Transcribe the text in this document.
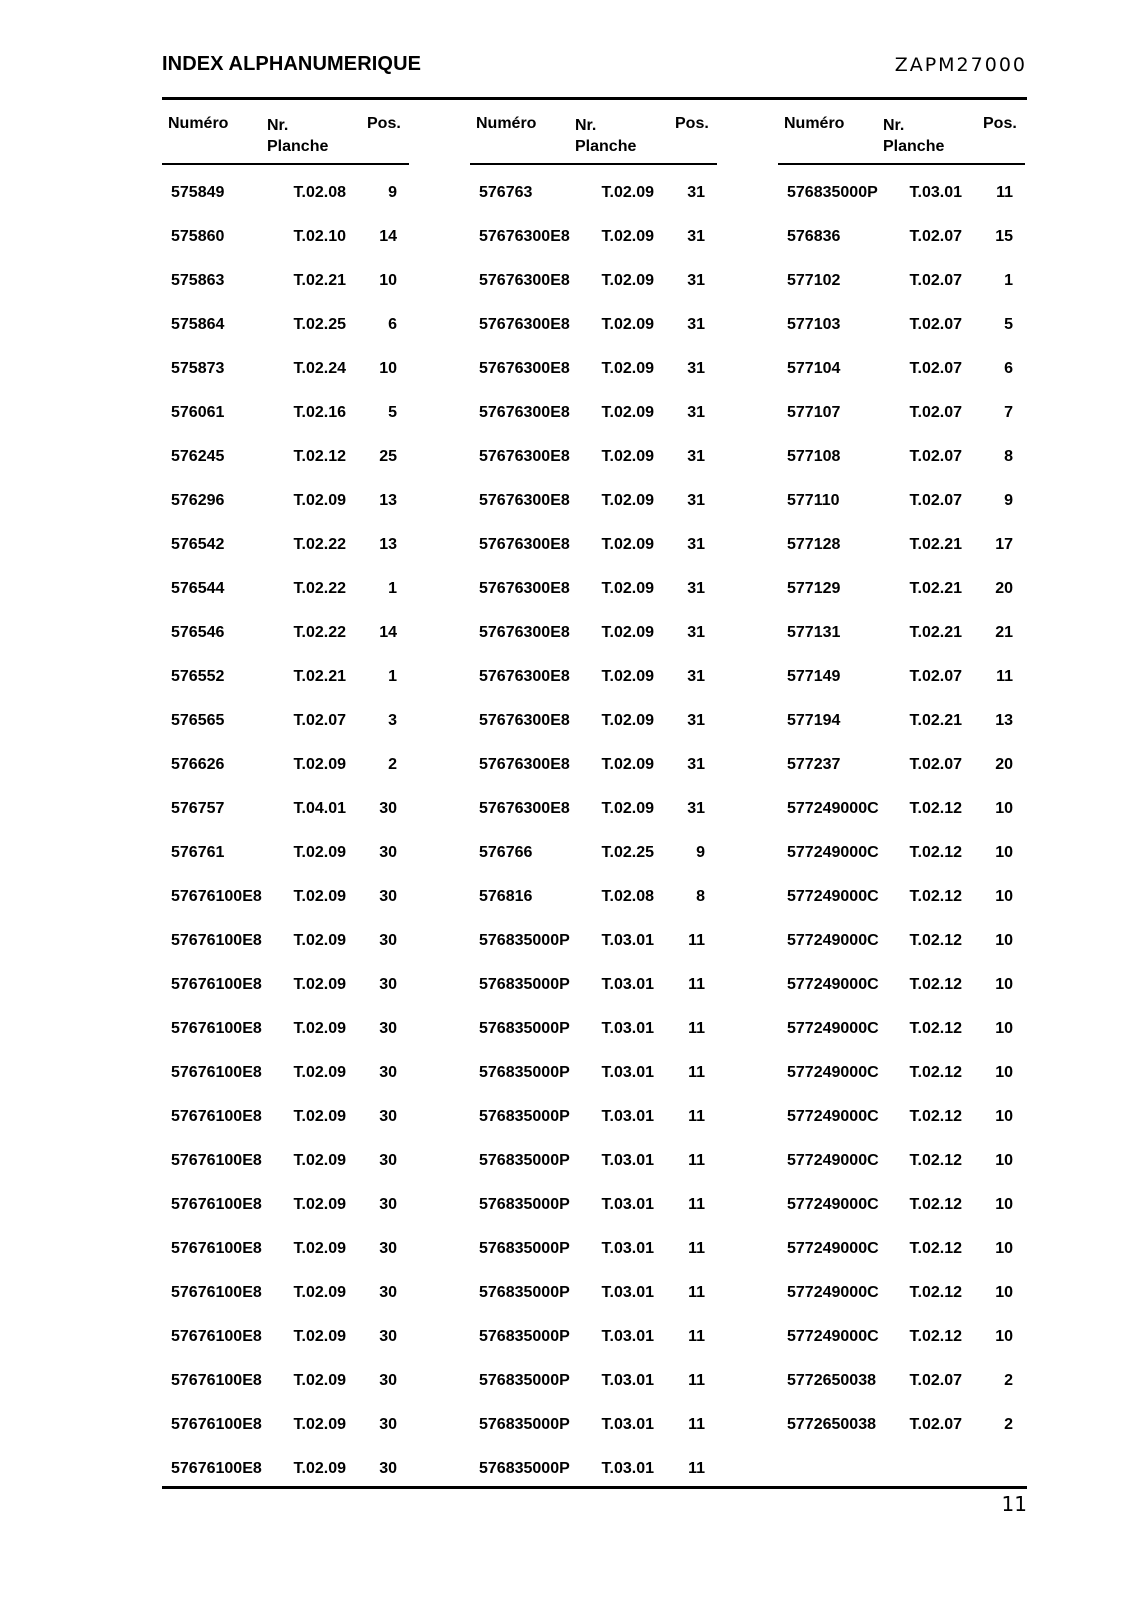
INDEX ALPHANUMERIQUE	ZAPM27000
Numéro Nr.
Planche
Pos.
575849	T.02.08	9
575860	T.02.10 14
575863	T.02.21 10
575864	T.02.25	6
575873	T.02.24 10
576061	T.02.16	5
576245	T.02.12 25
576296	T.02.09 13
576542	T.02.22 13
576544	T.02.22	1
576546	T.02.22 14
576552	T.02.21	1
576565	T.02.07	3
576626	T.02.09	2
576757	T.04.01 30
576761	T.02.09 30
57676100E8 T.02.09 30
57676100E8 T.02.09 30
57676100E8 T.02.09 30
57676100E8 T.02.09 30
57676100E8 T.02.09 30
57676100E8 T.02.09 30
57676100E8 T.02.09 30
57676100E8 T.02.09 30
57676100E8 T.02.09 30
57676100E8 T.02.09 30
57676100E8 T.02.09 30
57676100E8 T.02.09 30
57676100E8 T.02.09 30
57676100E8 T.02.09 30
Numéro Nr.
Planche
Pos.
576763	T.02.09 31
57676300E8 T.02.09 31
57676300E8 T.02.09 31
57676300E8 T.02.09 31
57676300E8 T.02.09 31
57676300E8 T.02.09 31
57676300E8 T.02.09 31
57676300E8 T.02.09 31
57676300E8 T.02.09 31
57676300E8 T.02.09 31
57676300E8 T.02.09 31
57676300E8 T.02.09 31
57676300E8 T.02.09 31
57676300E8 T.02.09 31
57676300E8 T.02.09 31
576766	T.02.25	9
576816	T.02.08	8
576835000P T.03.01 11
576835000P T.03.01 11
576835000P T.03.01 11
576835000P T.03.01 11
576835000P T.03.01 11
576835000P T.03.01 11
576835000P T.03.01 11
576835000P T.03.01 11
576835000P T.03.01 11
576835000P T.03.01 11
576835000P T.03.01 11
576835000P T.03.01 11
576835000P T.03.01 11
Numéro Nr.
Planche
Pos.
576835000P T.03.01 11
576836	T.02.07 15
577102	T.02.07	1
577103	T.02.07	5
577104	T.02.07	6
577107	T.02.07	7
577108	T.02.07	8
577110	T.02.07	9
577128	T.02.21 17
577129	T.02.21 20
577131	T.02.21 21
577149	T.02.07 11
577194	T.02.21 13
577237	T.02.07 20
577249000C T.02.12 10
577249000C T.02.12 10
577249000C T.02.12 10
577249000C T.02.12 10
577249000C T.02.12 10
577249000C T.02.12 10
577249000C T.02.12 10
577249000C T.02.12 10
577249000C T.02.12 10
577249000C T.02.12 10
577249000C T.02.12 10
577249000C T.02.12 10
577249000C T.02.12 10
5772650038 T.02.07	2
5772650038 T.02.07	2
11
